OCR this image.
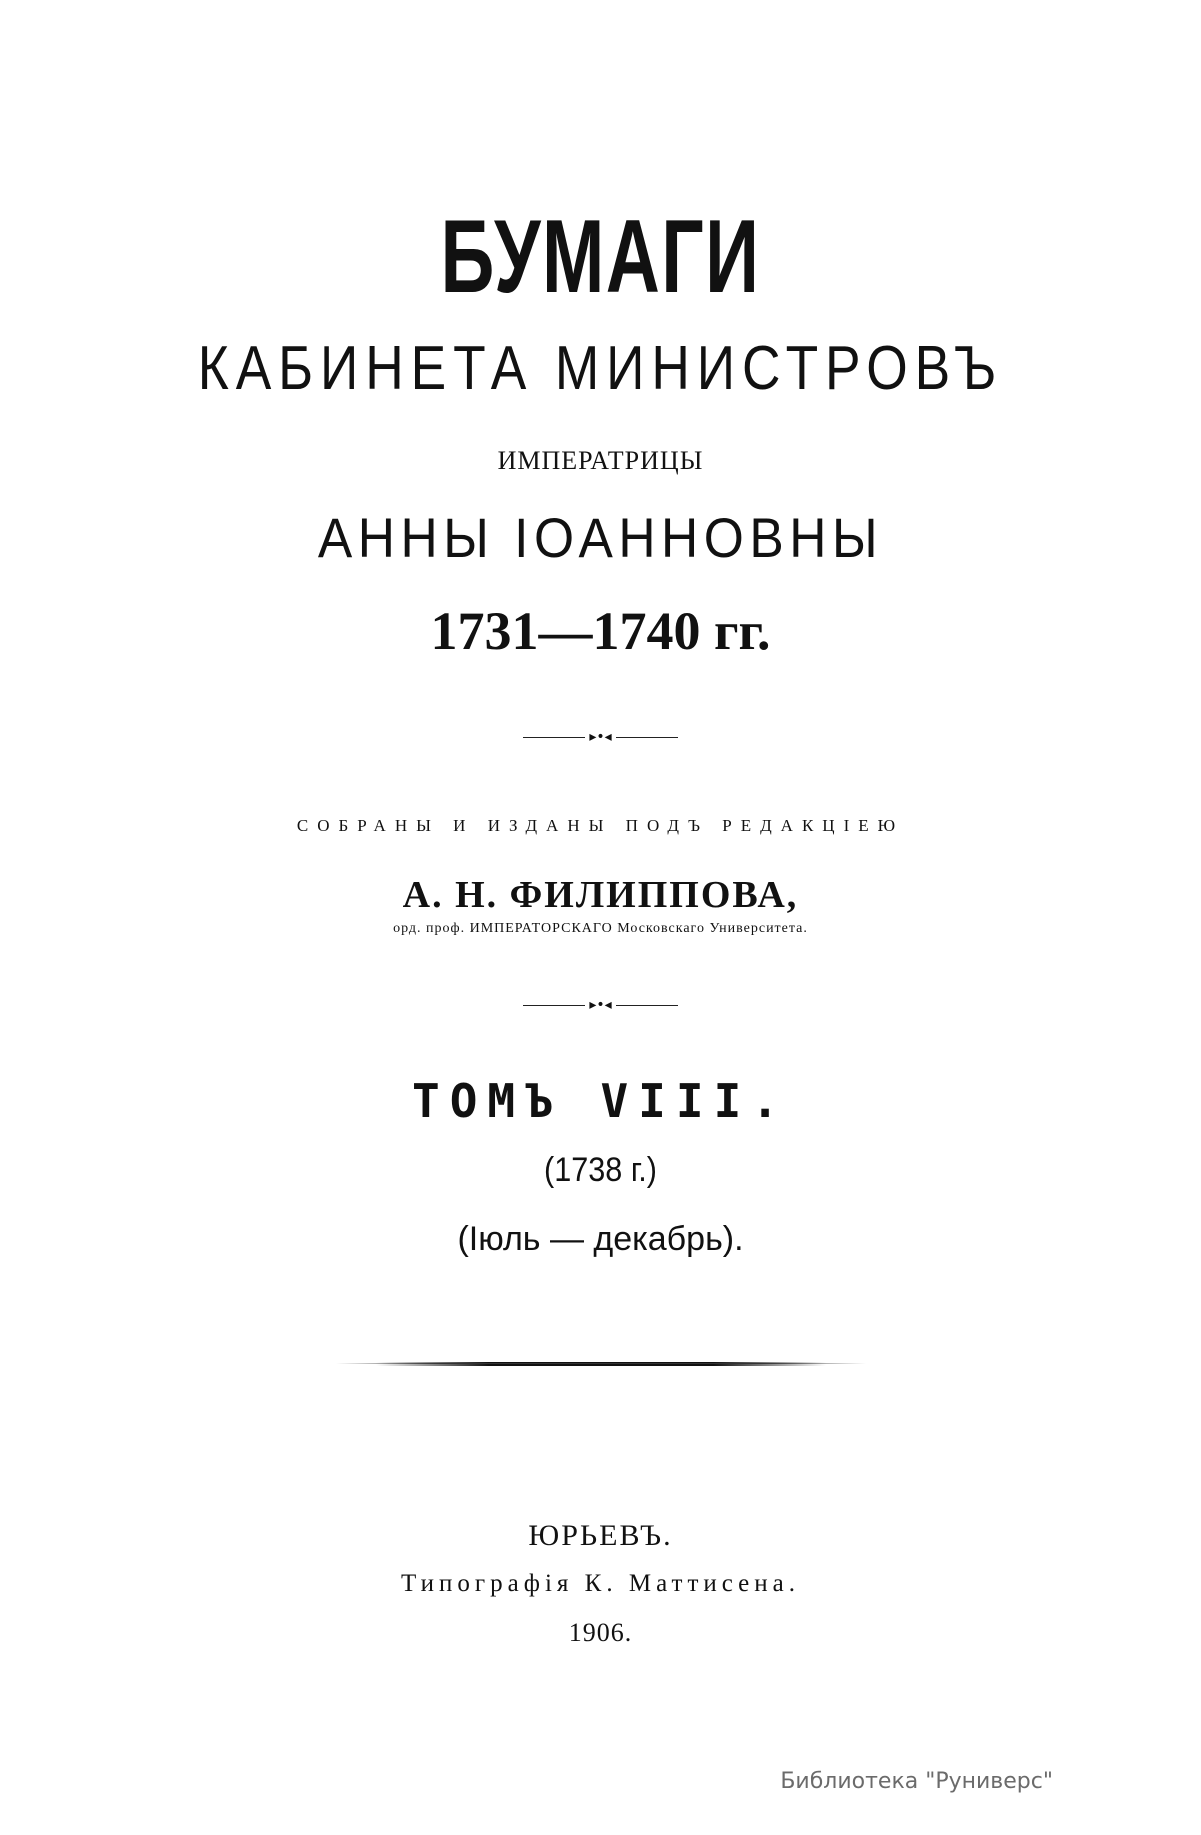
БУМАГИ
КАБИНЕТА МИНИСТРОВЪ
ИМПЕРАТРИЦЫ
АННЫ ІОАННОВНЫ
1731—1740 гг.
▸•◂
СОБРАНЫ И ИЗДАНЫ ПОДЪ РЕДАКЦІЕЮ
А. Н. ФИЛИППОВА,
орд. проф. ИМПЕРАТОРСКАГО Московскаго Университета.
▸•◂
ТОМЪ VIII.
(1738 г.)
(Іюль — декабрь).
ЮРЬЕВЪ.
Типографія К. Маттисена.
1906.
Библиотека "Руниверс"
